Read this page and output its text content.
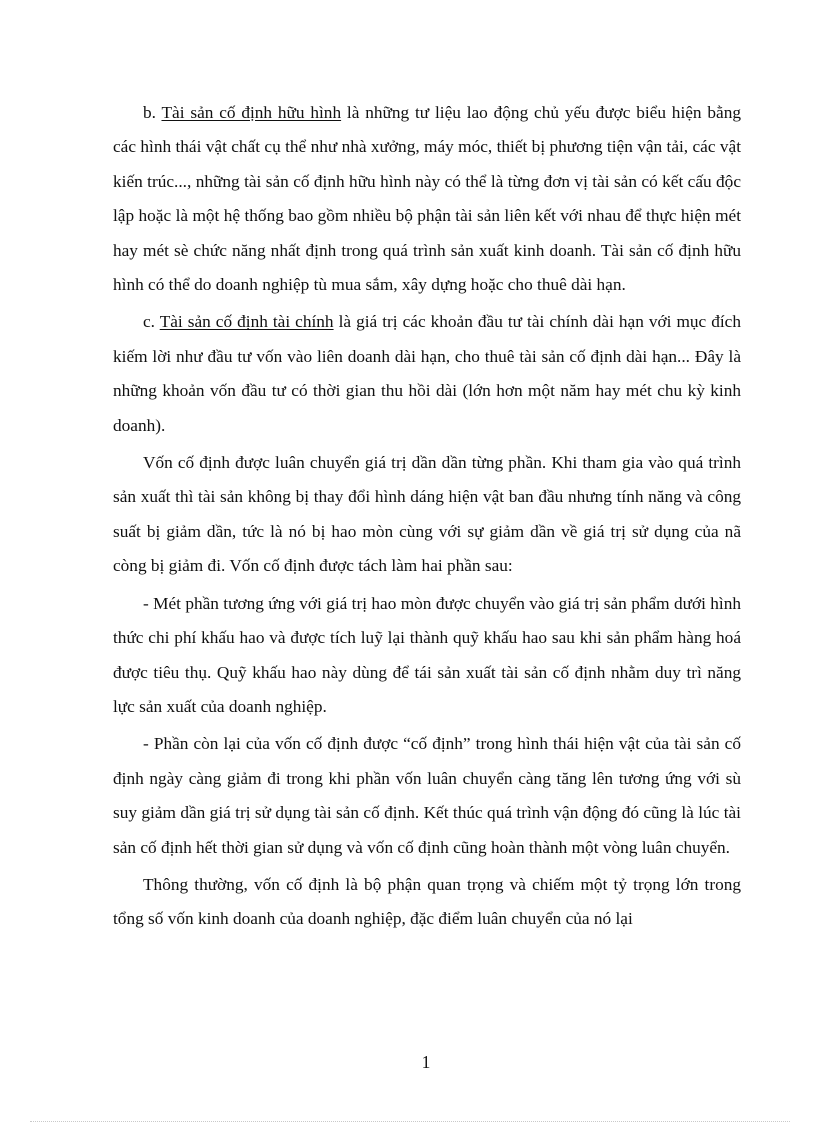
b. Tài sản cố định hữu hình là những tư liệu lao động chủ yếu được biểu hiện bằng các hình thái vật chất cụ thể như nhà xưởng, máy móc, thiết bị phương tiện vận tải, các vật kiến trúc..., những tài sản cố định hữu hình này có thể là từng đơn vị tài sản có kết cấu độc lập hoặc là một hệ thống bao gồm nhiều bộ phận tài sản liên kết với nhau để thực hiện mét hay mét sè chức năng nhất định trong quá trình sản xuất kinh doanh. Tài sản cố định hữu hình có thể do doanh nghiệp tù mua sắm, xây dựng hoặc cho thuê dài hạn.

c. Tài sản cố định tài chính là giá trị các khoản đầu tư tài chính dài hạn với mục đích kiếm lời như đầu tư vốn vào liên doanh dài hạn, cho thuê tài sản cố định dài hạn... Đây là những khoản vốn đầu tư có thời gian thu hồi dài (lớn hơn một năm hay mét chu kỳ kinh doanh).

Vốn cố định được luân chuyển giá trị dần dần từng phần. Khi tham gia vào quá trình sản xuất thì tài sản không bị thay đổi hình dáng hiện vật ban đầu nhưng tính năng và công suất bị giảm dần, tức là nó bị hao mòn cùng với sự giảm dần về giá trị sử dụng của nã còng bị giảm đi. Vốn cố định được tách làm hai phần sau:

- Mét phần tương ứng với giá trị hao mòn được chuyển vào giá trị sản phẩm dưới hình thức chi phí khấu hao và được tích luỹ lại thành quỹ khấu hao sau khi sản phẩm hàng hoá được tiêu thụ. Quỹ khấu hao này dùng để tái sản xuất tài sản cố định nhằm duy trì năng lực sản xuất của doanh nghiệp.

- Phần còn lại của vốn cố định được “cố định” trong hình thái hiện vật của tài sản cố định ngày càng giảm đi trong khi phần vốn luân chuyển càng tăng lên tương ứng với sù suy giảm dần giá trị sử dụng tài sản cố định. Kết thúc quá trình vận động đó cũng là lúc tài sản cố định hết thời gian sử dụng và vốn cố định cũng hoàn thành một vòng luân chuyển.

Thông thường, vốn cố định là bộ phận quan trọng và chiếm một tỷ trọng lớn trong tổng số vốn kinh doanh của doanh nghiệp, đặc điểm luân chuyển của nó lại

1
